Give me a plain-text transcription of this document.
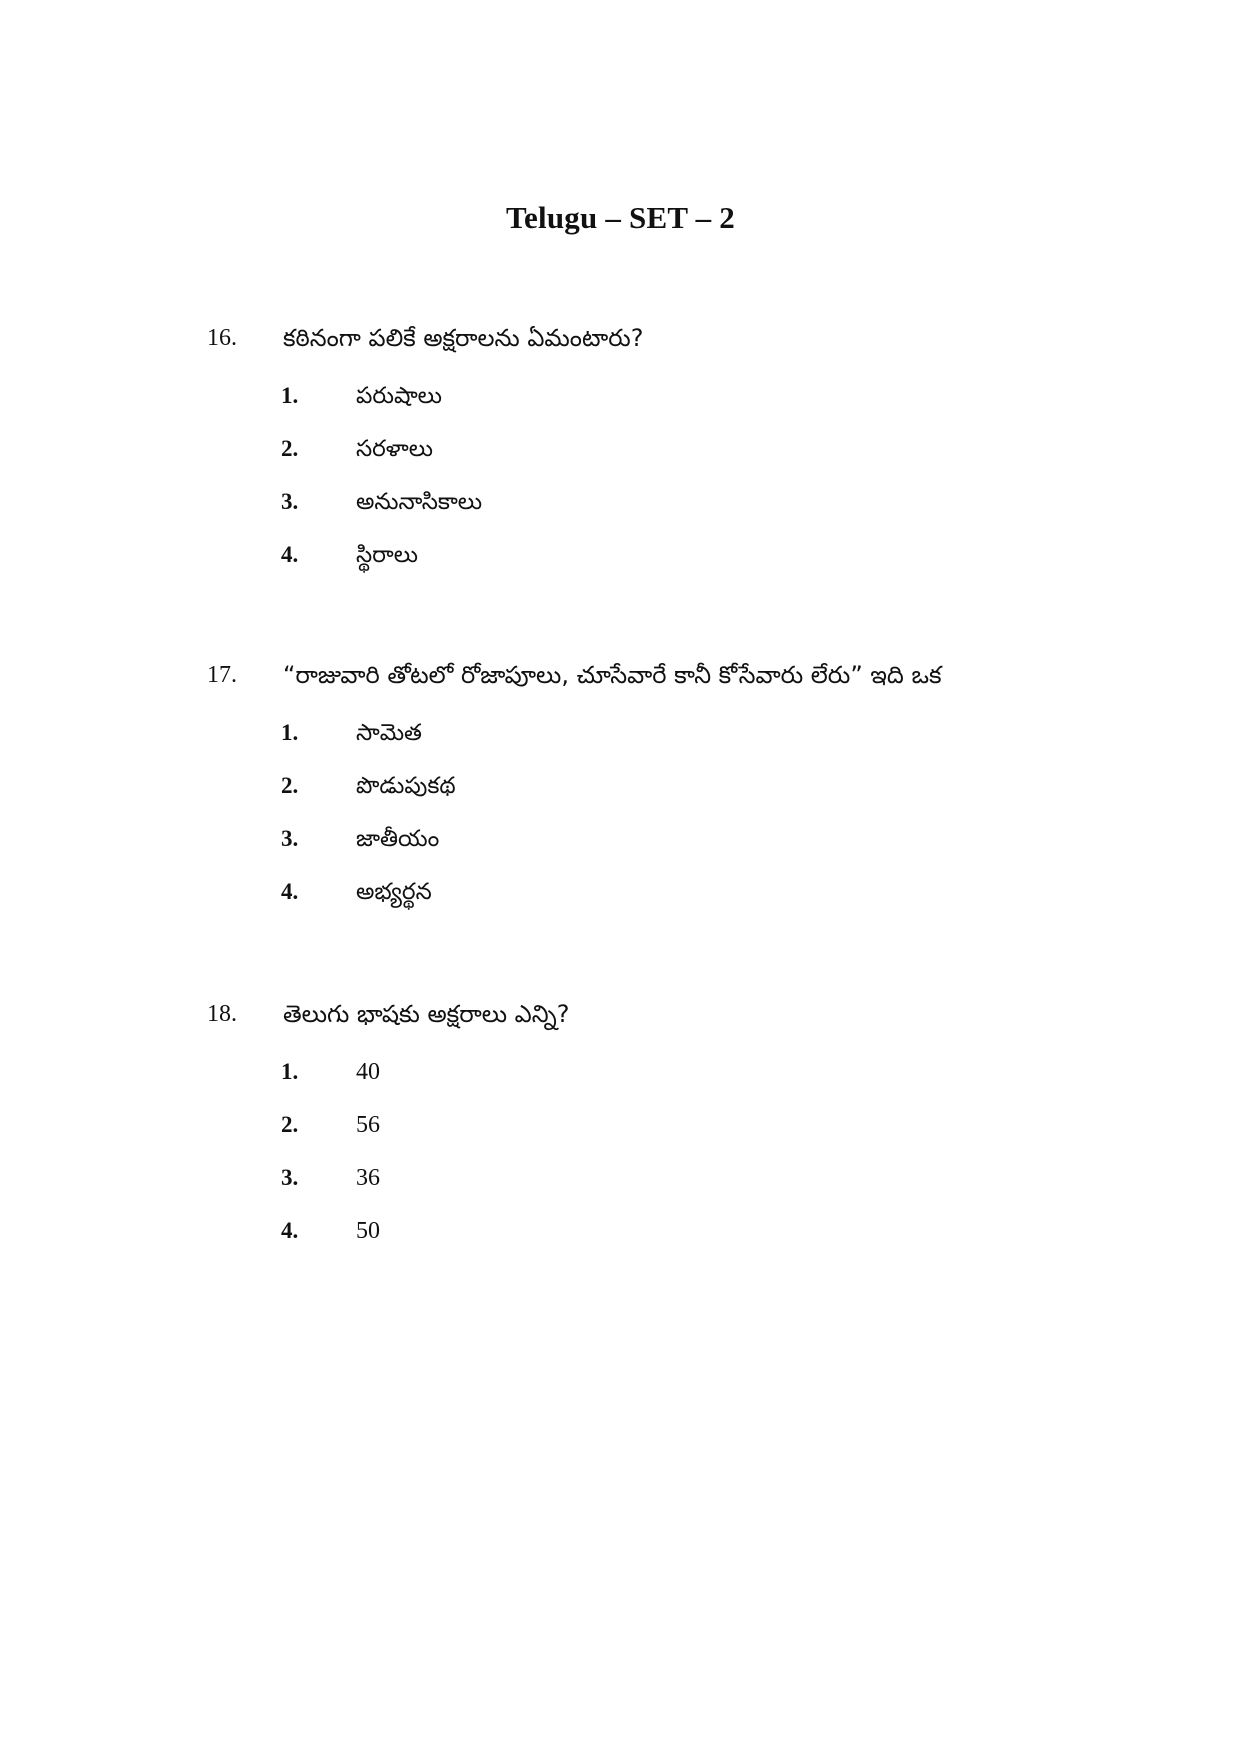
Telugu – SET – 2
16. కఠినంగా పలికే అక్షరాలను ఏమంటారు?
1.	పరుషాలు
2.	సరళాలు
3.	అనునాసికాలు
4.	స్థిరాలు
17. “రాజువారి తోటలో రోజాపూలు, చూసేవారే కానీ కోసేవారు లేరు” ఇది ఒక
1.	సామెత
2.	పొడుపుకథ
3.	జాతీయం
4.	అభ్యర్థన
18. తెలుగు భాషకు అక్షరాలు ఎన్ని?
1. 40
2. 56
3. 36
4. 50
